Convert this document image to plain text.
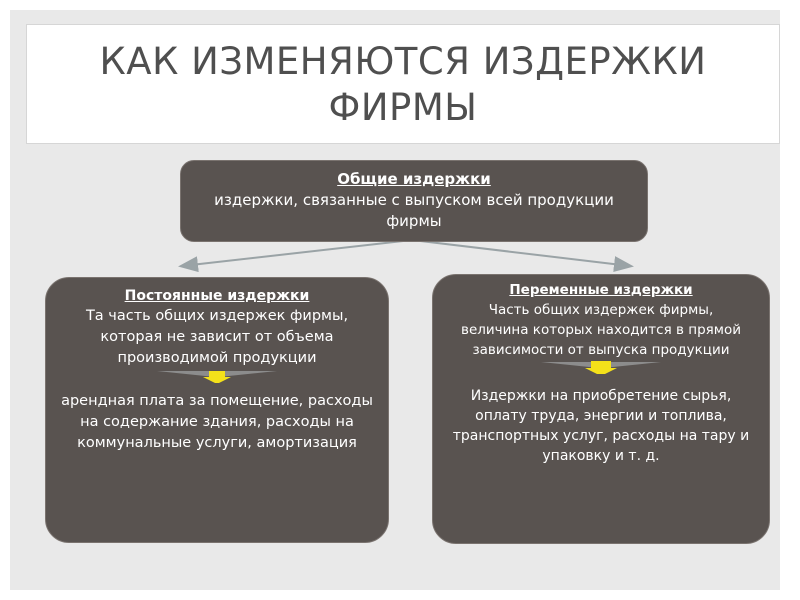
КАК ИЗМЕНЯЮТСЯ ИЗДЕРЖКИ ФИРМЫ
Общие издержки
издержки, связанные с выпуском всей продукции фирмы
Постоянные издержки
Та часть общих издержек фирмы, которая не зависит от объема производимой продукции
арендная плата за помещение, расходы на содержание здания, расходы на коммунальные услуги, амортизация
Переменные издержки
Часть общих издержек фирмы, величина которых находится в прямой зависимости от выпуска продукции
Издержки на приобретение сырья, оплату труда, энергии и топлива, транспортных услуг, расходы на тару и упаковку и т. д.
